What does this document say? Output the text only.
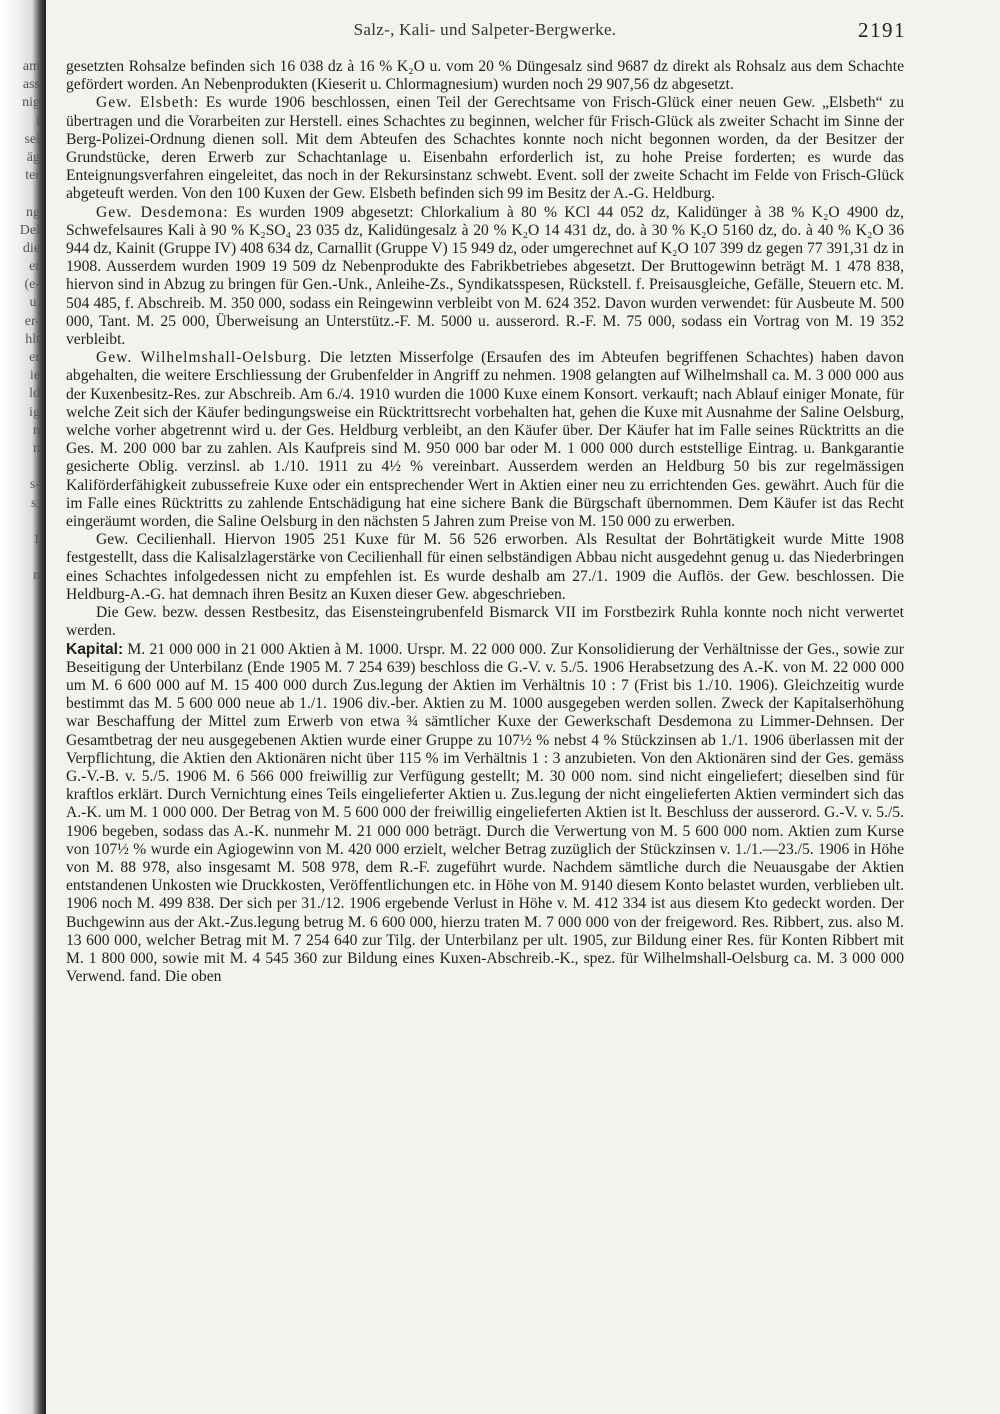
am
ass
nig
i
sel
äg
ter
ng
Del
die
er
(e-
u.
er-
hlt
er
ie
ld
ig
n
n
s-
s,
1
n
Salz-, Kali- und Salpeter-Bergwerke.	2191

gesetzten Rohsalze befinden sich 16 038 dz à 16 % K₂O u. vom 20 % Düngesalz sind 9687 dz direkt als Rohsalz aus dem Schachte gefördert worden. An Nebenprodukten (Kieserit u. Chlormagnesium) wurden noch 29 907,56 dz abgesetzt.

Gew. Elsbeth: Es wurde 1906 beschlossen, einen Teil der Gerechtsame von Frisch-Glück einer neuen Gew. „Elsbeth“ zu übertragen und die Vorarbeiten zur Herstell. eines Schachtes zu beginnen, welcher für Frisch-Glück als zweiter Schacht im Sinne der Berg-Polizei-Ordnung dienen soll. Mit dem Abteufen des Schachtes konnte noch nicht begonnen worden, da der Besitzer der Grundstücke, deren Erwerb zur Schachtanlage u. Eisenbahn erforderlich ist, zu hohe Preise forderten; es wurde das Enteignungsverfahren eingeleitet, das noch in der Rekursinstanz schwebt. Event. soll der zweite Schacht im Felde von Frisch-Glück abgeteuft werden. Von den 100 Kuxen der Gew. Elsbeth befinden sich 99 im Besitz der A.-G. Heldburg.

Gew. Desdemona: Es wurden 1909 abgesetzt: Chlorkalium à 80 % KCl 44 052 dz, Kalidünger à 38 % K₂O 4900 dz, Schwefelsaures Kali à 90 % K₂SO₄ 23 035 dz, Kalidüngesalz à 20 % K₂O 14 431 dz, do. à 30 % K₂O 5160 dz, do. à 40 % K₂O 36 944 dz, Kainit (Gruppe IV) 408 634 dz, Carnallit (Gruppe V) 15 949 dz, oder umgerechnet auf K₂O 107 399 dz gegen 77 391,31 dz in 1908. Ausserdem wurden 1909 19 509 dz Nebenprodukte des Fabrikbetriebes abgesetzt. Der Bruttogewinn beträgt M. 1 478 838, hiervon sind in Abzug zu bringen für Gen.-Unk., Anleihe-Zs., Syndikatsspesen, Rückstell. f. Preisausgleiche, Gefälle, Steuern etc. M. 504 485, f. Abschreib. M. 350 000, sodass ein Reingewinn verbleibt von M. 624 352. Davon wurden verwendet: für Ausbeute M. 500 000, Tant. M. 25 000, Überweisung an Unterstütz.-F. M. 5000 u. ausserord. R.-F. M. 75 000, sodass ein Vortrag von M. 19 352 verbleibt.

Gew. Wilhelmshall-Oelsburg. Die letzten Misserfolge (Ersaufen des im Abteufen begriffenen Schachtes) haben davon abgehalten, die weitere Erschliessung der Grubenfelder in Angriff zu nehmen. 1908 gelangten auf Wilhelmshall ca. M. 3 000 000 aus der Kuxenbesitz-Res. zur Abschreib. Am 6./4. 1910 wurden die 1000 Kuxe einem Konsort. verkauft; nach Ablauf einiger Monate, für welche Zeit sich der Käufer bedingungsweise ein Rücktrittsrecht vorbehalten hat, gehen die Kuxe mit Ausnahme der Saline Oelsburg, welche vorher abgetrennt wird u. der Ges. Heldburg verbleibt, an den Käufer über. Der Käufer hat im Falle seines Rücktritts an die Ges. M. 200 000 bar zu zahlen. Als Kaufpreis sind M. 950 000 bar oder M. 1 000 000 durch eststellige Eintrag. u. Bankgarantie gesicherte Oblig. verzinsl. ab 1./10. 1911 zu 4½ % vereinbart. Ausserdem werden an Heldburg 50 bis zur regelmässigen Kaliförderfähigkeit zubussefreie Kuxe oder ein entsprechender Wert in Aktien einer neu zu errichtenden Ges. gewährt. Auch für die im Falle eines Rücktritts zu zahlende Entschädigung hat eine sichere Bank die Bürgschaft übernommen. Dem Käufer ist das Recht eingeräumt worden, die Saline Oelsburg in den nächsten 5 Jahren zum Preise von M. 150 000 zu erwerben.

Gew. Cecilienhall. Hiervon 1905 251 Kuxe für M. 56 526 erworben. Als Resultat der Bohrtätigkeit wurde Mitte 1908 festgestellt, dass die Kalisalzlagerstärke von Cecilienhall für einen selbständigen Abbau nicht ausgedehnt genug u. das Niederbringen eines Schachtes infolgedessen nicht zu empfehlen ist. Es wurde deshalb am 27./1. 1909 die Auflös. der Gew. beschlossen. Die Heldburg-A.-G. hat demnach ihren Besitz an Kuxen dieser Gew. abgeschrieben.

Die Gew. bezw. dessen Restbesitz, das Eisensteingrubenfeld Bismarck VII im Forstbezirk Ruhla konnte noch nicht verwertet werden.

Kapital: M. 21 000 000 in 21 000 Aktien à M. 1000. Urspr. M. 22 000 000. Zur Konsolidierung der Verhältnisse der Ges., sowie zur Beseitigung der Unterbilanz (Ende 1905 M. 7 254 639) beschloss die G.-V. v. 5./5. 1906 Herabsetzung des A.-K. von M. 22 000 000 um M. 6 600 000 auf M. 15 400 000 durch Zus.legung der Aktien im Verhältnis 10 : 7 (Frist bis 1./10. 1906). Gleichzeitig wurde bestimmt das M. 5 600 000 neue ab 1./1. 1906 div.-ber. Aktien zu M. 1000 ausgegeben werden sollen. Zweck der Kapitalserhöhung war Beschaffung der Mittel zum Erwerb von etwa ¾ sämtlicher Kuxe der Gewerkschaft Desdemona zu Limmer-Dehnsen. Der Gesamtbetrag der neu ausgegebenen Aktien wurde einer Gruppe zu 107½ % nebst 4 % Stückzinsen ab 1./1. 1906 überlassen mit der Verpflichtung, die Aktien den Aktionären nicht über 115 % im Verhältnis 1 : 3 anzubieten. Von den Aktionären sind der Ges. gemäss G.-V.-B. v. 5./5. 1906 M. 6 566 000 freiwillig zur Verfügung gestellt; M. 30 000 nom. sind nicht eingeliefert; dieselben sind für kraftlos erklärt. Durch Vernichtung eines Teils eingelieferter Aktien u. Zus.legung der nicht eingelieferten Aktien vermindert sich das A.-K. um M. 1 000 000. Der Betrag von M. 5 600 000 der freiwillig eingelieferten Aktien ist lt. Beschluss der ausserord. G.-V. v. 5./5. 1906 begeben, sodass das A.-K. nunmehr M. 21 000 000 beträgt. Durch die Verwertung von M. 5 600 000 nom. Aktien zum Kurse von 107½ % wurde ein Agiogewinn von M. 420 000 erzielt, welcher Betrag zuzüglich der Stückzinsen v. 1./1.—23./5. 1906 in Höhe von M. 88 978, also insgesamt M. 508 978, dem R.-F. zugeführt wurde. Nachdem sämtliche durch die Neuausgabe der Aktien entstandenen Unkosten wie Druckkosten, Veröffentlichungen etc. in Höhe von M. 9140 diesem Konto belastet wurden, verblieben ult. 1906 noch M. 499 838. Der sich per 31./12. 1906 ergebende Verlust in Höhe v. M. 412 334 ist aus diesem Kto gedeckt worden. Der Buchgewinn aus der Akt.-Zus.legung betrug M. 6 600 000, hierzu traten M. 7 000 000 von der freigeword. Res. Ribbert, zus. also M. 13 600 000, welcher Betrag mit M. 7 254 640 zur Tilg. der Unterbilanz per ult. 1905, zur Bildung einer Res. für Konten Ribbert mit M. 1 800 000, sowie mit M. 4 545 360 zur Bildung eines Kuxen-Abschreib.-K., spez. für Wilhelmshall-Oelsburg ca. M. 3 000 000 Verwend. fand. Die oben
